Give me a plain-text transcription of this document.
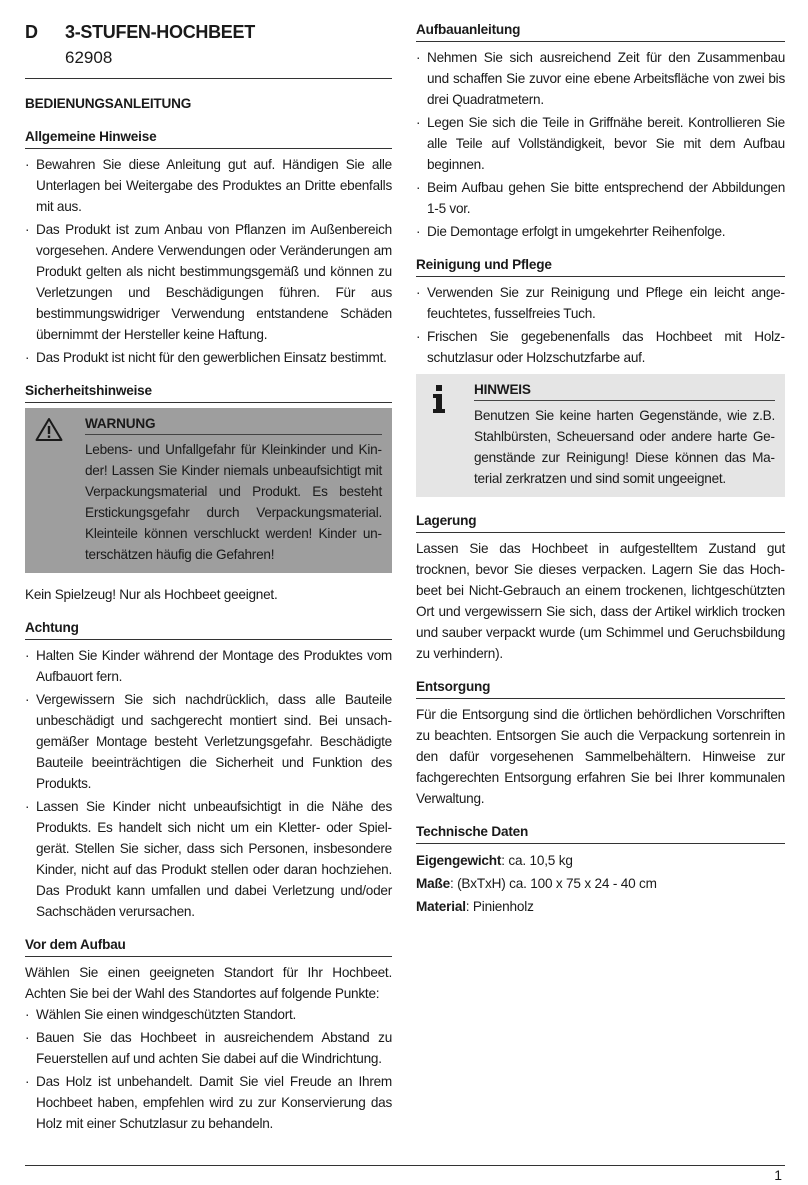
D	3-STUFEN-HOCHBEET
62908
BEDIENUNGSANLEITUNG
Allgemeine Hinweise
· Bewahren Sie diese Anleitung gut auf. Händigen Sie alle Unterlagen bei Weitergabe des Produktes an Dritte ebenfalls mit aus.
· Das Produkt ist zum Anbau von Pflanzen im Außenbereich vorgesehen. Andere Verwendungen oder Veränderungen am Produkt gelten als nicht bestimmungsgemäß und können zu Verletzungen und Beschädigungen führen. Für aus bestimmungswidriger Verwendung entstandene Schäden übernimmt der Hersteller keine Haftung.
· Das Produkt ist nicht für den gewerblichen Einsatz bestimmt.
Sicherheitshinweise
WARNUNG

Lebens- und Unfallgefahr für Kleinkinder und Kinder! Lassen Sie Kinder niemals unbeaufsichtigt mit Verpackungsmaterial und Produkt. Es besteht Erstickungsgefahr durch Verpackungsmaterial. Kleinteile können verschluckt werden! Kinder unterschätzen häufig die Gefahren!

Kein Spielzeug! Nur als Hochbeet geeignet.

Achtung
· Halten Sie Kinder während der Montage des Produktes vom Aufbauort fern.
· Vergewissern Sie sich nachdrücklich, dass alle Bauteile unbeschädigt und sachgerecht montiert sind. Bei unsachgemäßer Montage besteht Verletzungsgefahr. Beschädigte Bauteile beeinträchtigen die Sicherheit und Funktion des Produkts.
· Lassen Sie Kinder nicht unbeaufsichtigt in die Nähe des Produkts. Es handelt sich nicht um ein Kletter- oder Spielgerät. Stellen Sie sicher, dass sich Personen, insbesondere Kinder, nicht auf das Produkt stellen oder daran hochziehen. Das Produkt kann umfallen und dabei Verletzung und/oder Sachschäden verursachen.
Vor dem Aufbau

Wählen Sie einen geeigneten Standort für Ihr Hochbeet. Achten Sie bei der Wahl des Standortes auf folgende Punkte:

· Wählen Sie einen windgeschützten Standort.
· Bauen Sie das Hochbeet in ausreichendem Abstand zu Feuerstellen auf und achten Sie dabei auf die Windrichtung.
· Das Holz ist unbehandelt. Damit Sie viel Freude an Ihrem Hochbeet haben, empfehlen wird zu zur Konservierung das Holz mit einer Schutzlasur zu behandeln.
Aufbauanleitung
· Nehmen Sie sich ausreichend Zeit für den Zusammenbau und schaffen Sie zuvor eine ebene Arbeitsfläche von zwei bis drei Quadratmetern.
· Legen Sie sich die Teile in Griffnähe bereit. Kontrollieren Sie alle Teile auf Vollständigkeit, bevor Sie mit dem Aufbau beginnen.
· Beim Aufbau gehen Sie bitte entsprechend der Abbildungen 1-5 vor.
· Die Demontage erfolgt in umgekehrter Reihenfolge.
Reinigung und Pflege
· Verwenden Sie zur Reinigung und Pflege ein leicht angefeuchtetes, fusselfreies Tuch.
· Frischen Sie gegebenenfalls das Hochbeet mit Holzschutzlasur oder Holzschutzfarbe auf.
HINWEIS

Benutzen Sie keine harten Gegenstände, wie z.B. Stahlbürsten, Scheuersand oder andere harte Gegenstände zur Reinigung! Diese können das Material zerkratzen und sind somit ungeeignet.

Lagerung

Lassen Sie das Hochbeet in aufgestelltem Zustand gut trocknen, bevor Sie dieses verpacken. Lagern Sie das Hochbeet bei Nicht-Gebrauch an einem trockenen, lichtgeschützten Ort und vergewissern Sie sich, dass der Artikel wirklich trocken und sauber verpackt wurde (um Schimmel und Geruchsbildung zu verhindern).

Entsorgung

Für die Entsorgung sind die örtlichen behördlichen Vorschriften zu beachten. Entsorgen Sie auch die Verpackung sortenrein in den dafür vorgesehenen Sammelbehältern. Hinweise zur fachgerechten Entsorgung erfahren Sie bei Ihrer kommunalen Verwaltung.

Technische Daten
Eigengewicht: ca. 10,5 kg
Maße: (BxTxH) ca. 100 x 75 x 24 - 40 cm
Material: Pinienholz
1
